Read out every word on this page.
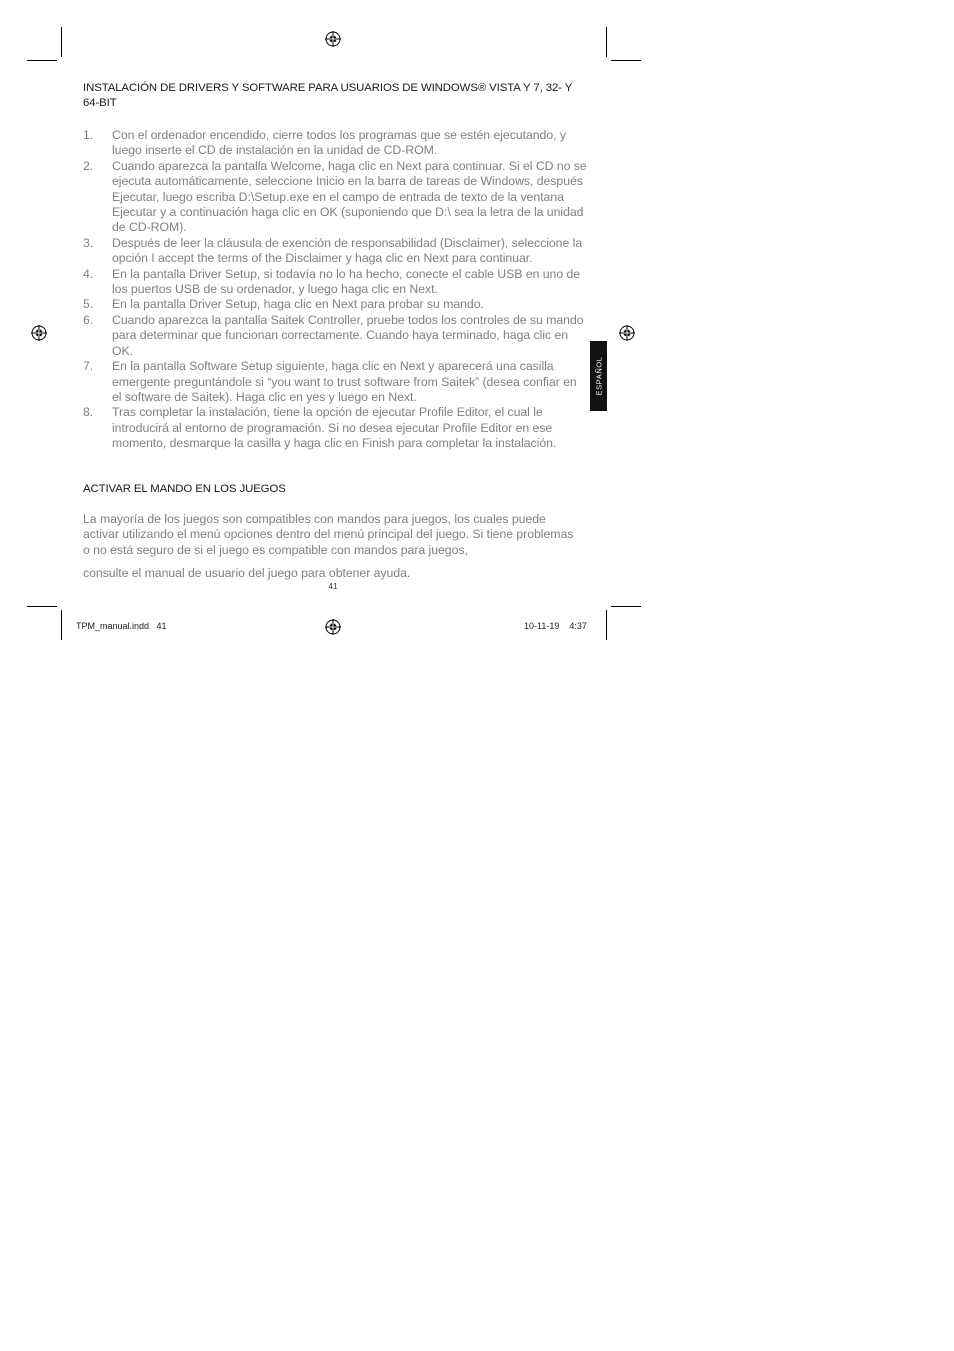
INSTALACIÓN DE DRIVERS Y SOFTWARE PARA USUARIOS DE WINDOWS® VISTA Y 7, 32- Y 64-BIT
1.	Con el ordenador encendido, cierre todos los programas que se estén ejecutando, y luego inserte el CD de instalación en la unidad de CD-ROM.
2.	Cuando aparezca la pantalla Welcome, haga clic en Next para continuar. Si el CD no se ejecuta automáticamente, seleccione Inicio en la barra de tareas de Windows, después Ejecutar, luego escriba D:\Setup.exe en el campo de entrada de texto de la ventana Ejecutar y a continuación haga clic en OK (suponiendo que D:\ sea la letra de la unidad de CD-ROM).
3.	Después de leer la cláusula de exención de responsabilidad (Disclaimer), seleccione la opción I accept the terms of the Disclaimer y haga clic en Next para continuar.
4.	En la pantalla Driver Setup, si todavía no lo ha hecho, conecte el cable USB en uno de los puertos USB de su ordenador, y luego haga clic en Next.
5.	En la pantalla Driver Setup, haga clic en Next para probar su mando.
6.	Cuando aparezca la pantalla Saitek Controller, pruebe todos los controles de su mando para determinar que funcionan correctamente. Cuando haya terminado, haga clic en OK.
7.	En la pantalla Software Setup siguiente, haga clic en Next y aparecerá una casilla emergente preguntándole si “you want to trust software from Saitek” (desea confiar en el software de Saitek). Haga clic en yes y luego en Next.
8.	Tras completar la instalación, tiene la opción de ejecutar Profile Editor, el cual le introducirá al entorno de programación. Si no desea ejecutar Profile Editor en ese momento, desmarque la casilla y haga clic en Finish para completar la instalación.
ACTIVAR EL MANDO EN LOS JUEGOS

La mayoría de los juegos son compatibles con mandos para juegos, los cuales puede activar utilizando el menú opciones dentro del menú principal del juego. Si tiene problemas o no está seguro de si el juego es compatible con mandos para juegos,

consulte el manual de usuario del juego para obtener ayuda.

41
ESPAÑOL
TPM_manual.indd   41	10-11-19    4:37
